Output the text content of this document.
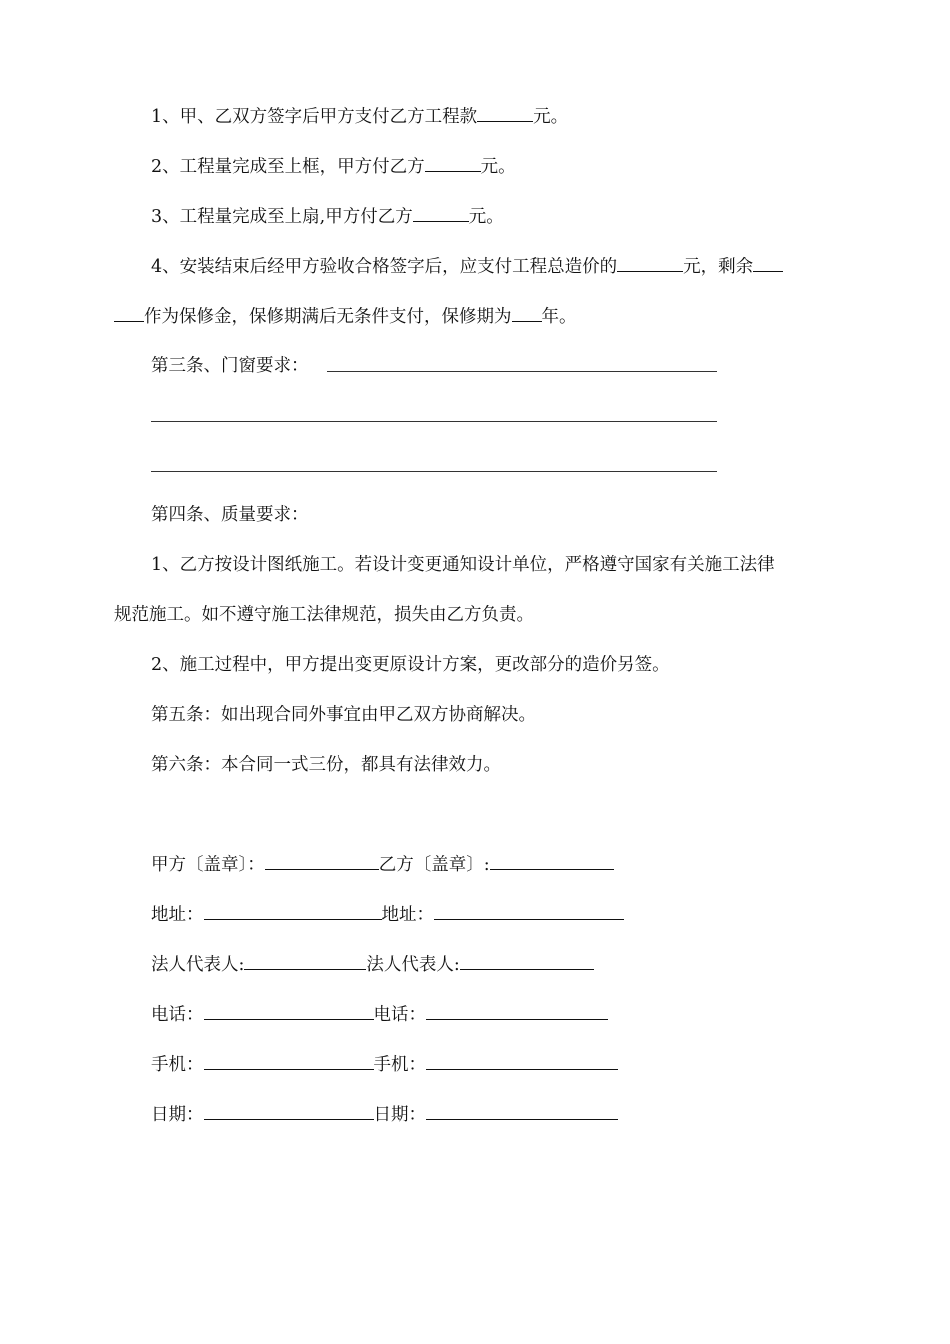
1、甲、乙双方签字后甲方支付乙方工程款	元。
2、工程量完成至上框，甲方付乙方	元。
3、工程量完成至上扇,甲方付乙方	元。
4、安装结束后经甲方验收合格签字后，应支付工程总造价的	元，剩余
作为保修金，保修期满后无条件支付，保修期为 年。
第三条、门窗要求：
第四条、质量要求：
1、乙方按设计图纸施工。若设计变更通知设计单位，严格遵守国家有关施工法律
规范施工。如不遵守施工法律规范，损失由乙方负责。
2、施工过程中，甲方提出变更原设计方案，更改部分的造价另签。
第五条：如出现合同外事宜由甲乙双方协商解决。
第六条：本合同一式三份，都具有法律效力。
甲方〔盖章〕：	乙方〔盖章〕:
地址：	地址：
法人代表人:	法人代表人:
电话：	电话：
手机：	手机：
日期：	日期：
